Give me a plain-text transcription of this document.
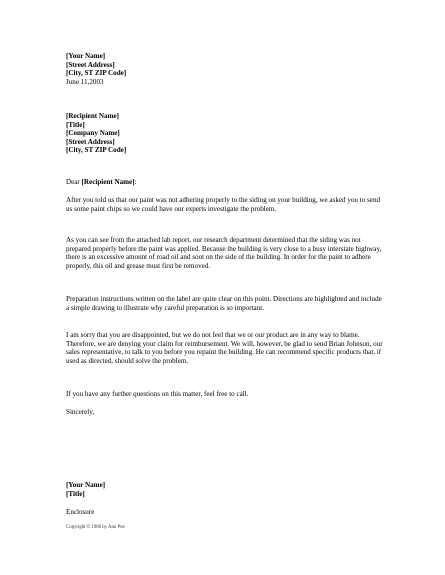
[Your Name]
[Street Address]
[City, ST ZIP Code]
June 11,2003
[Recipient Name]
[Title]
[Company Name]
[Street Address]
[City, ST ZIP Code]
Dear [Recipient Name]:
After you told us that our paint was not adhering properly to the siding on your building, we asked you to send us some paint chips so we could have our experts investigate the problem.
As you can see from the attached lab report, our research department determined that the siding was not prepared properly before the paint was applied. Because the building is very close to a busy interstate highway, there is an excessive amount of road oil and soot on the side of the building. In order for the paint to adhere properly, this oil and grease must first be removed.
Preparation instructions written on the label are quite clear on this point. Directions are highlighted and include a simple drawing to illustrate why careful preparation is so important.
I am sorry that you are disappointed, but we do not feel that we or our product are in any way to blame. Therefore, we are denying your claim for reimbursement. We will, however, be glad to send Brian Johnson, our sales representative, to talk to you before you repaint the building. He can recommend specific products that, if used as directed, should solve the problem.
If you have any further questions on this matter, feel free to call.
Sincerely,
[Your Name]
[Title]
Enclosure
Copyright © 1988 by Ann Poe
